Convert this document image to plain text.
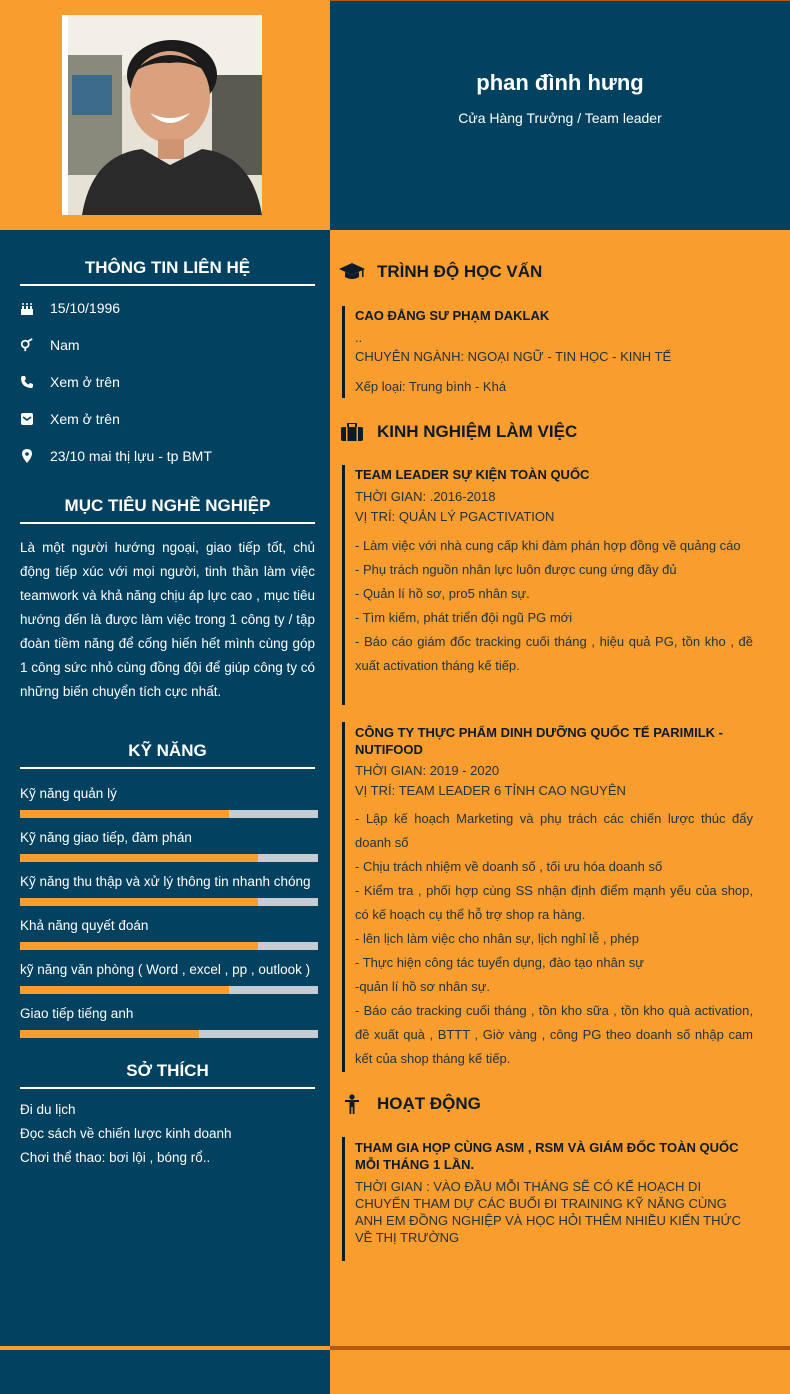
phan đình hưng
Cửa Hàng Trưởng / Team leader
THÔNG TIN LIÊN HỆ
15/10/1996
Nam
Xem ở trên
Xem ở trên
23/10 mai thị lựu - tp BMT
MỤC TIÊU NGHỀ NGHIỆP
Là một người hướng ngoại, giao tiếp tốt, chủ động tiếp xúc với mọi người, tinh thần làm việc teamwork và khả năng chịu áp lực cao , mục tiêu hướng đến là được làm việc trong 1 công ty / tập đoàn tiềm năng để cống hiến hết mình cùng góp 1 công sức nhỏ cùng đồng đội để giúp công ty có những biến chuyển tích cực nhất.
KỸ NĂNG
Kỹ năng quản lý
Kỹ năng giao tiếp, đàm phán
Kỹ năng thu thập và xử lý thông tin nhanh chóng
Khả năng quyết đoán
kỹ năng văn phòng ( Word , excel , pp , outlook )
Giao tiếp tiếng anh
SỞ THÍCH
Đi du lịch
Đọc sách về chiến lược kinh doanh
Chơi thể thao: bơi lội , bóng rổ..
TRÌNH ĐỘ HỌC VẤN
CAO ĐẲNG SƯ PHẠM DAKLAK
..
CHUYÊN NGÀNH: NGOẠI NGỮ - TIN HỌC - KINH TẾ
Xếp loại: Trung bình - Khá
KINH NGHIỆM LÀM VIỆC
TEAM LEADER SỰ KIỆN TOÀN QUỐC
THỜI GIAN: .2016-2018
VỊ TRÍ: QUẢN LÝ PGACTIVATION
- Làm việc với nhà cung cấp khi đàm phán hợp đồng về quảng cáo
- Phụ trách nguồn nhân lực luôn được cung ứng đầy đủ
- Quản lí hồ sơ, pro5 nhân sự.
- Tìm kiếm, phát triển đội ngũ PG mới
- Báo cáo giám đốc tracking cuối tháng , hiệu quả PG, tồn kho , đề xuất activation tháng kế tiếp.
CÔNG TY THỰC PHẨM DINH DƯỠNG QUỐC TẾ PARIMILK - NUTIFOOD
THỜI GIAN: 2019 - 2020
VỊ TRÍ: TEAM LEADER 6 TỈNH CAO NGUYÊN
- Lập kế hoạch Marketing và phụ trách các chiến lược thúc đẩy doanh số
- Chịu trách nhiệm về doanh số , tối ưu hóa doanh số
- Kiểm tra , phối hợp cùng SS nhận định điểm mạnh yếu của shop, có kế hoạch cụ thể hỗ trợ shop ra hàng.
- lên lịch làm việc cho nhân sự, lịch nghỉ lễ , phép
- Thực hiện công tác tuyển dụng, đào tạo nhân sự
-quản lí hồ sơ nhân sự.
- Báo cáo tracking cuối tháng , tồn kho sữa , tồn kho quà activation, đề xuất quà , BTTT , Giờ vàng , công PG theo doanh số nhập cam kết của shop tháng kế tiếp.
HOẠT ĐỘNG
THAM GIA HỌP CÙNG ASM , RSM VÀ GIÁM ĐỐC TOÀN QUỐC MỖI THÁNG 1 LẦN.
THỜI GIAN : VÀO ĐẦU MỖI THÁNG SẼ CÓ KẾ HOẠCH DI CHUYỂN THAM DỰ CÁC BUỔI ĐI TRAINING KỸ NĂNG CÙNG ANH EM ĐỒNG NGHIỆP VÀ HỌC HỎI THÊM NHIỀU KIẾN THỨC VỀ THỊ TRƯỜNG
